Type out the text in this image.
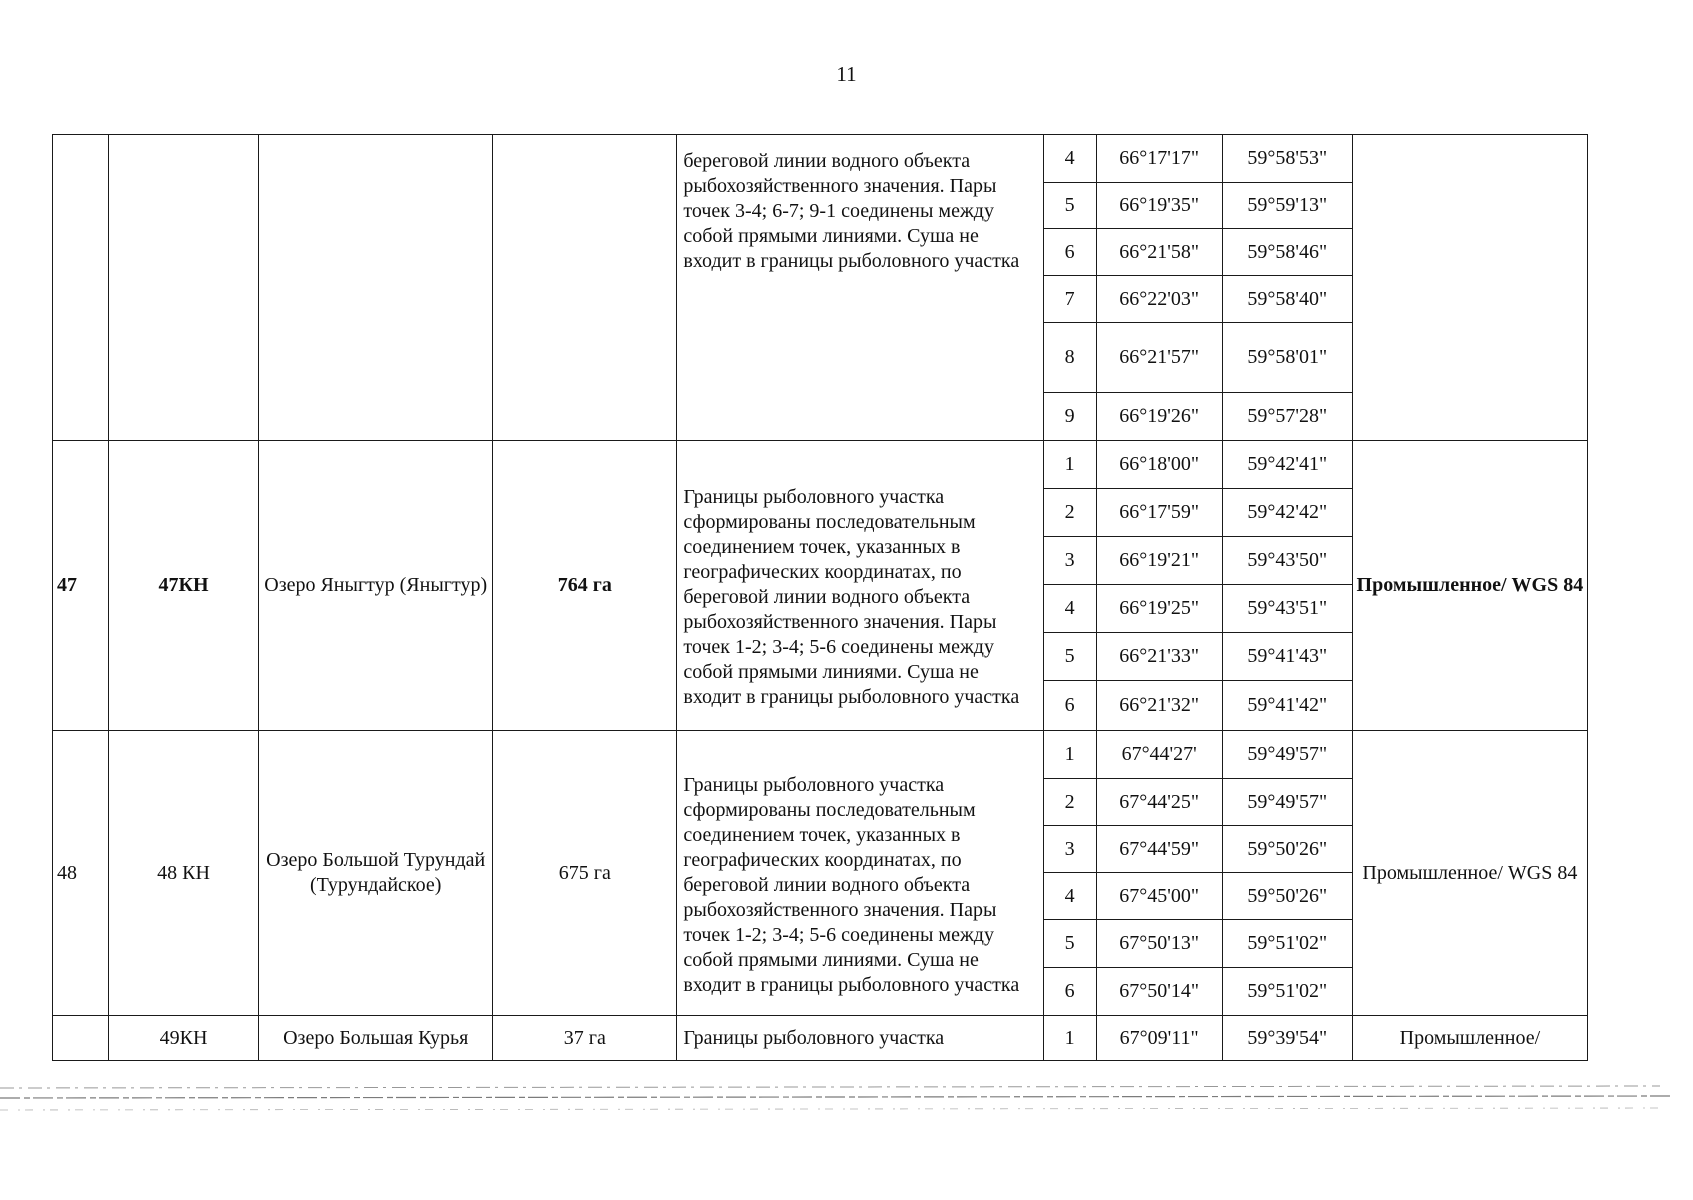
11
				береговой линии водного объекта рыбохозяйственного значения. Пары точек 3-4; 6-7; 9-1 соединены между собой прямыми линиями. Суша не входит в границы рыболовного участка	4	66°17'17"	59°58'53"	
					5	66°19'35"	59°59'13"	
					6	66°21'58"	59°58'46"	
					7	66°22'03"	59°58'40"	
					8	66°21'57"	59°58'01"	
					9	66°19'26"	59°57'28"	
47	47КН	Озеро Яныгтур (Яныгтур)	764 га	Границы рыболовного участка сформированы последовательным соединением точек, указанных в географических координатах, по береговой линии водного объекта рыбохозяйственного значения. Пары точек 1-2; 3-4; 5-6 соединены между собой прямыми линиями. Суша не входит в границы рыболовного участка	1	66°18'00"	59°42'41"	Промышленное/ WGS 84
					2	66°17'59"	59°42'42"	
					3	66°19'21"	59°43'50"	
					4	66°19'25"	59°43'51"	
					5	66°21'33"	59°41'43"	
					6	66°21'32"	59°41'42"	
48	48 КН	Озеро Большой Турундай (Турундайское)	675 га	Границы рыболовного участка сформированы последовательным соединением точек, указанных в географических координатах, по береговой линии водного объекта рыбохозяйственного значения. Пары точек 1-2; 3-4; 5-6 соединены между собой прямыми линиями. Суша не входит в границы рыболовного участка	1	67°44'27'	59°49'57"	Промышленное/ WGS 84
					2	67°44'25"	59°49'57"	
					3	67°44'59"	59°50'26"	
					4	67°45'00"	59°50'26"	
					5	67°50'13"	59°51'02"	
					6	67°50'14"	59°51'02"	
	49КН	Озеро Большая Курья	37 га	Границы рыболовного участка	1	67°09'11"	59°39'54"	Промышленное/
